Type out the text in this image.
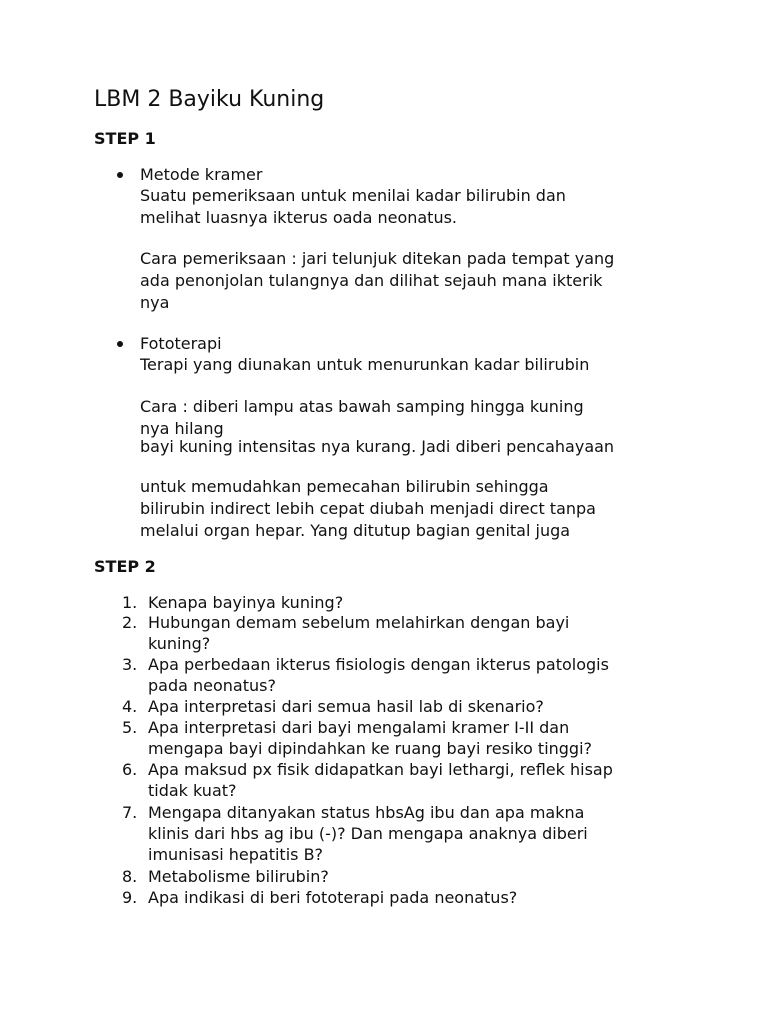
LBM 2 Bayiku Kuning
STEP 1
Metode kramer
Suatu pemeriksaan untuk menilai kadar bilirubin dan
melihat luasnya ikterus oada neonatus.
Cara pemeriksaan : jari telunjuk ditekan pada tempat yang
ada penonjolan tulangnya dan dilihat sejauh mana ikterik
nya
Fototerapi
Terapi yang diunakan untuk menurunkan kadar bilirubin
Cara : diberi lampu atas bawah samping hingga kuning
nya hilang
bayi kuning intensitas nya kurang. Jadi diberi pencahayaan
untuk memudahkan pemecahan bilirubin sehingga
bilirubin indirect lebih cepat diubah menjadi direct tanpa
melalui organ hepar. Yang ditutup bagian genital juga
STEP 2
1. Kenapa bayinya kuning?
2. Hubungan demam sebelum melahirkan dengan bayi
kuning?
3. Apa perbedaan ikterus fisiologis dengan ikterus patologis
pada neonatus?
4. Apa interpretasi dari semua hasil lab di skenario?
5. Apa interpretasi dari bayi mengalami kramer I-II dan
mengapa bayi dipindahkan ke ruang bayi resiko tinggi?
6. Apa maksud px fisik didapatkan bayi lethargi, reflek hisap
tidak kuat?
7. Mengapa ditanyakan status hbsAg ibu dan apa makna
klinis dari hbs ag ibu (-)? Dan mengapa anaknya diberi
imunisasi hepatitis B?
8. Metabolisme bilirubin?
9. Apa indikasi di beri fototerapi pada neonatus?
